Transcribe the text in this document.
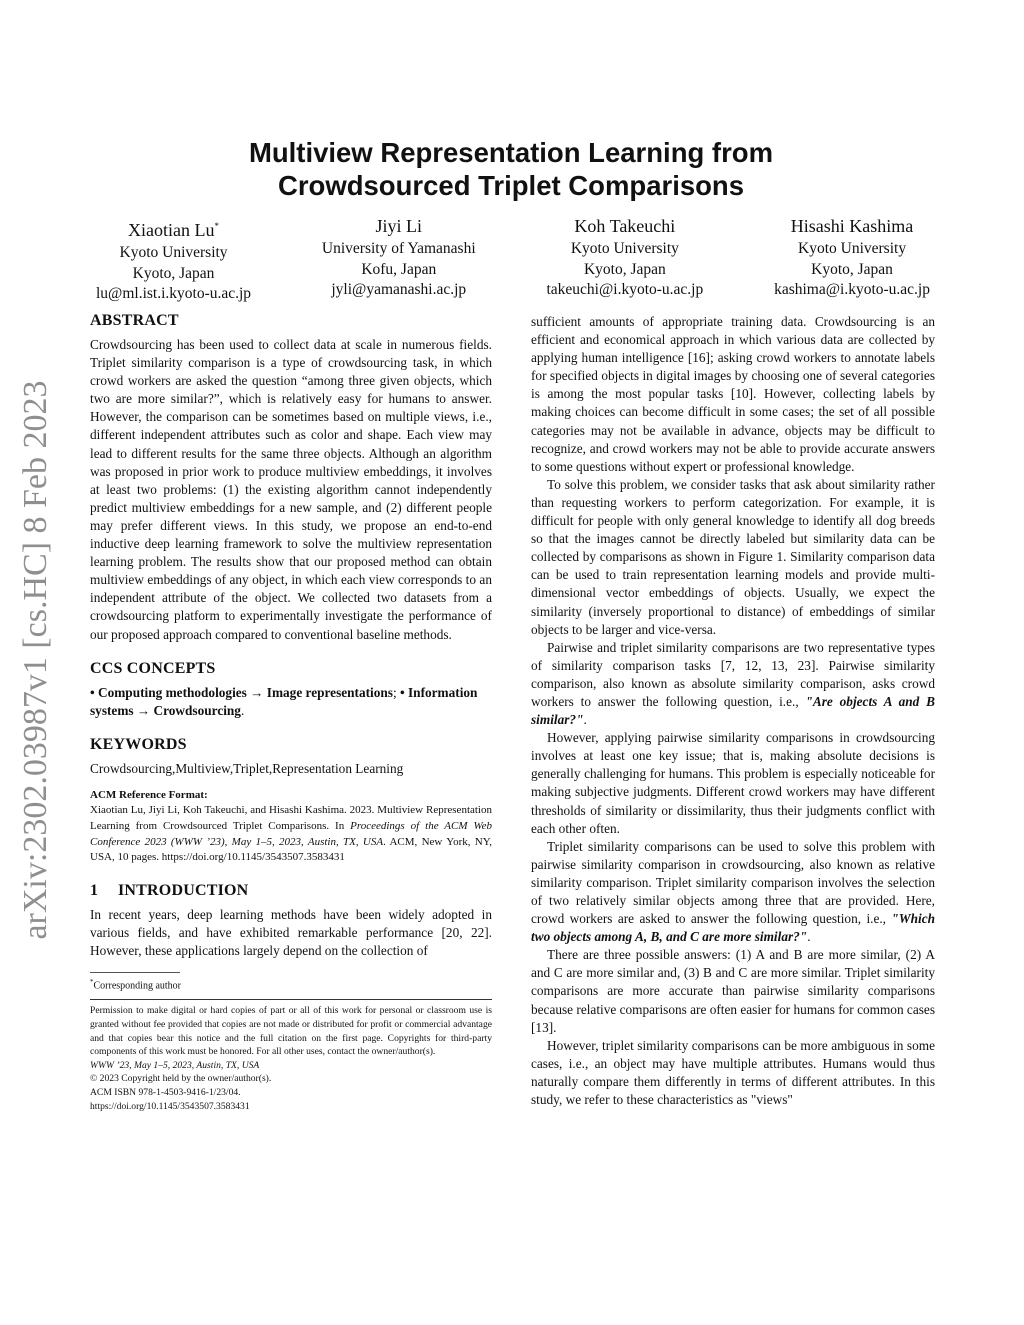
arXiv:2302.03987v1 [cs.HC] 8 Feb 2023
Multiview Representation Learning from
Crowdsourced Triplet Comparisons
Xiaotian Lu*
Kyoto University
Kyoto, Japan
lu@ml.ist.i.kyoto-u.ac.jp
Jiyi Li
University of Yamanashi
Kofu, Japan
jyli@yamanashi.ac.jp
Koh Takeuchi
Kyoto University
Kyoto, Japan
takeuchi@i.kyoto-u.ac.jp
Hisashi Kashima
Kyoto University
Kyoto, Japan
kashima@i.kyoto-u.ac.jp
ABSTRACT

Crowdsourcing has been used to collect data at scale in numerous fields. Triplet similarity comparison is a type of crowdsourcing task, in which crowd workers are asked the question “among three given objects, which two are more similar?”, which is relatively easy for humans to answer. However, the comparison can be sometimes based on multiple views, i.e., different independent attributes such as color and shape. Each view may lead to different results for the same three objects. Although an algorithm was proposed in prior work to produce multiview embeddings, it involves at least two problems: (1) the existing algorithm cannot independently predict multiview embeddings for a new sample, and (2) different people may prefer different views. In this study, we propose an end-to-end inductive deep learning framework to solve the multiview representation learning problem. The results show that our proposed method can obtain multiview embeddings of any object, in which each view corresponds to an independent attribute of the object. We collected two datasets from a crowdsourcing platform to experimentally investigate the performance of our proposed approach compared to conventional baseline methods.

CCS CONCEPTS

• Computing methodologies → Image representations; • Information systems → Crowdsourcing.

KEYWORDS

Crowdsourcing,Multiview,Triplet,Representation Learning

ACM Reference Format:

Xiaotian Lu, Jiyi Li, Koh Takeuchi, and Hisashi Kashima. 2023. Multiview Representation Learning from Crowdsourced Triplet Comparisons. In Proceedings of the ACM Web Conference 2023 (WWW ’23), May 1–5, 2023, Austin, TX, USA. ACM, New York, NY, USA, 10 pages. https://doi.org/10.1145/3543507.3583431

1 INTRODUCTION

In recent years, deep learning methods have been widely adopted in various fields, and have exhibited remarkable performance [20, 22]. However, these applications largely depend on the collection of

*Corresponding author

Permission to make digital or hard copies of part or all of this work for personal or classroom use is granted without fee provided that copies are not made or distributed for profit or commercial advantage and that copies bear this notice and the full citation on the first page. Copyrights for third-party components of this work must be honored. For all other uses, contact the owner/author(s).

WWW ’23, May 1–5, 2023, Austin, TX, USA

© 2023 Copyright held by the owner/author(s).

ACM ISBN 978-1-4503-9416-1/23/04.

https://doi.org/10.1145/3543507.3583431

sufficient amounts of appropriate training data. Crowdsourcing is an efficient and economical approach in which various data are collected by applying human intelligence [16]; asking crowd workers to annotate labels for specified objects in digital images by choosing one of several categories is among the most popular tasks [10]. However, collecting labels by making choices can become difficult in some cases; the set of all possible categories may not be available in advance, objects may be difficult to recognize, and crowd workers may not be able to provide accurate answers to some questions without expert or professional knowledge.

To solve this problem, we consider tasks that ask about similarity rather than requesting workers to perform categorization. For example, it is difficult for people with only general knowledge to identify all dog breeds so that the images cannot be directly labeled but similarity data can be collected by comparisons as shown in Figure 1. Similarity comparison data can be used to train representation learning models and provide multi-dimensional vector embeddings of objects. Usually, we expect the similarity (inversely proportional to distance) of embeddings of similar objects to be larger and vice-versa.

Pairwise and triplet similarity comparisons are two representative types of similarity comparison tasks [7, 12, 13, 23]. Pairwise similarity comparison, also known as absolute similarity comparison, asks crowd workers to answer the following question, i.e., "Are objects A and B similar?".

However, applying pairwise similarity comparisons in crowdsourcing involves at least one key issue; that is, making absolute decisions is generally challenging for humans. This problem is especially noticeable for making subjective judgments. Different crowd workers may have different thresholds of similarity or dissimilarity, thus their judgments conflict with each other often.

Triplet similarity comparisons can be used to solve this problem with pairwise similarity comparison in crowdsourcing, also known as relative similarity comparison. Triplet similarity comparison involves the selection of two relatively similar objects among three that are provided. Here, crowd workers are asked to answer the following question, i.e., "Which two objects among A, B, and C are more similar?".

There are three possible answers: (1) A and B are more similar, (2) A and C are more similar and, (3) B and C are more similar. Triplet similarity comparisons are more accurate than pairwise similarity comparisons because relative comparisons are often easier for humans for common cases [13].

However, triplet similarity comparisons can be more ambiguous in some cases, i.e., an object may have multiple attributes. Humans would thus naturally compare them differently in terms of different attributes. In this study, we refer to these characteristics as "views"
